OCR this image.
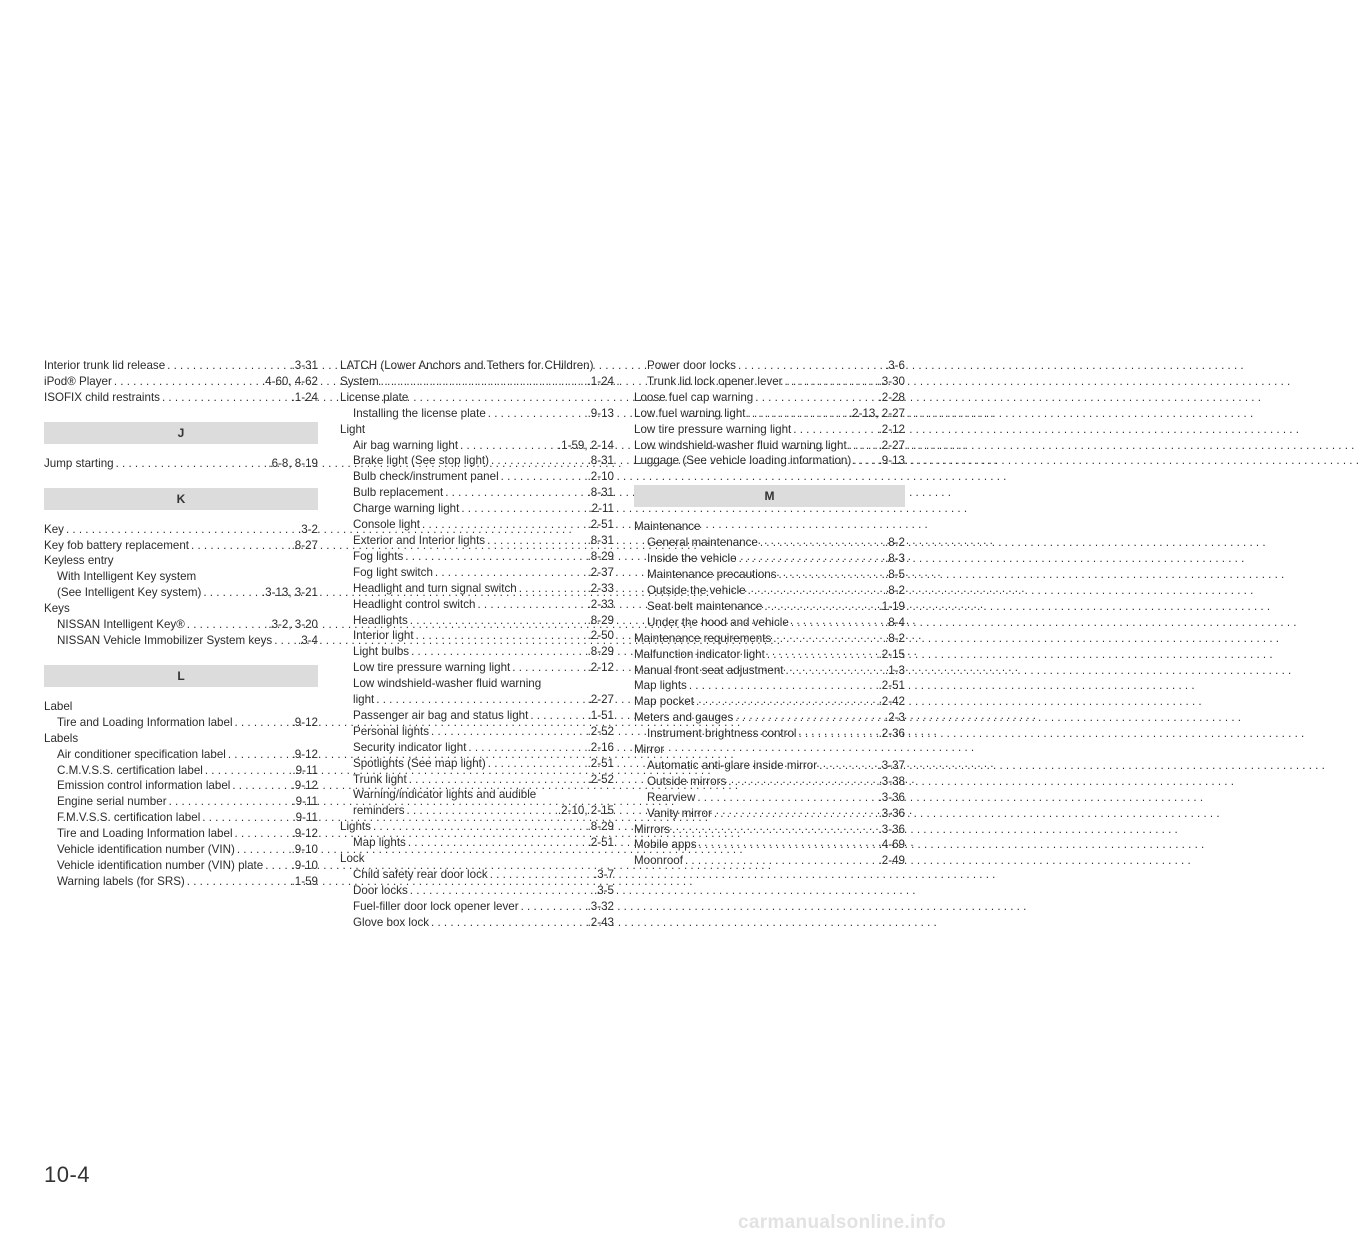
Interior trunk lid release . . .	.3-31
iPod® Player . . .	.4-60, 4-62
ISOFIX child restraints . . .	.1-24
J
Jump starting . . .	.6-8, 8-19
K
Key . . .	.3-2
Key fob battery replacement . . .	.8-27
Keyless entry
With Intelligent Key system
(See Intelligent Key system) . . .	.3-13, 3-21
Keys
NISSAN Intelligent Key® . . .	.3-2, 3-20
NISSAN Vehicle Immobilizer System keys . . . .3-4
L
Label
Tire and Loading Information label . . .	.9-12
Labels
Air conditioner specification label . . .	.9-12
C.M.V.S.S. certification label . . .	.9-11
Emission control information label . . .	.9-12
Engine serial number . . .	.9-11
F.M.V.S.S. certification label . . .	.9-11
Tire and Loading Information label . . .	.9-12
Vehicle identification number (VIN) . . .	.9-10
Vehicle identification number (VIN) plate . . . .9-10
Warning labels (for SRS) . . .	.1-59
LATCH (Lower Anchors and Tethers for CHildren)
System . . .	.1-24
License plate
Installing the license plate . . .	.9-13
Light
Air bag warning light . . .	.1-59, 2-14
Brake light (See stop light) . . .	.8-31
Bulb check/instrument panel . . .	.2-10
Bulb replacement . . .	.8-31
Charge warning light . . .	.2-11
Console light . . .	.2-51
Exterior and Interior lights . . .	.8-31
Fog lights . . .	.8-29
Fog light switch . . .	.2-37
Headlight and turn signal switch . . .	.2-33
Headlight control switch . . .	.2-33
Headlights . . .	.8-29
Interior light . . .	.2-50
Light bulbs . . .	.8-29
Low tire pressure warning light . . .	.2-12
Low windshield-washer fluid warning
light . . .	.2-27
Passenger air bag and status light . . .	.1-51
Personal lights . . .	.2-52
Security indicator light . . .	.2-16
Spotlights (See map light) . . .	.2-51
Trunk light . . .	.2-52
Warning/indicator lights and audible
reminders . . .	.2-10, 2-15
Lights . . .	.8-29
Map lights . . .	.2-51
Lock
Child safety rear door lock . . .	.3-7
Door locks . . .	.3-5
Fuel-filler door lock opener lever . . .	.3-32
Glove box lock . . .	.2-43
Power door locks . . .	.3-6
Trunk lid lock opener lever . . .	.3-30
Loose fuel cap warning . . .	.2-28
Low fuel warning light . . .	.2-13, 2-27
Low tire pressure warning light . . .	.2-12
Low windshield-washer fluid warning light . . .	.2-27
Luggage (See vehicle loading information) . . . .9-13
M
Maintenance
General maintenance . . .	.8-2
Inside the vehicle . . .	.8-3
Maintenance precautions . . .	.8-5
Outside the vehicle . . .	.8-2
Seat belt maintenance . . .	.1-19
Under the hood and vehicle . . .	.8-4
Maintenance requirements . . .	.8-2
Malfunction indicator light . . .	.2-15
Manual front seat adjustment . . .	.1-3
Map lights . . .	.2-51
Map pocket . . .	.2-42
Meters and gauges . . .	.2-3
Instrument brightness control . . .	.2-36
Mirror
Automatic anti-glare inside mirror . . .	.3-37
Outside mirrors . . .	.3-38
Rearview . . .	.3-36
Vanity mirror . . .	.3-36
Mirrors . . .	.3-36
Mobile apps . . .	.4-69
Moonroof . . .	.2-49
10-4
carmanualsonline.info
